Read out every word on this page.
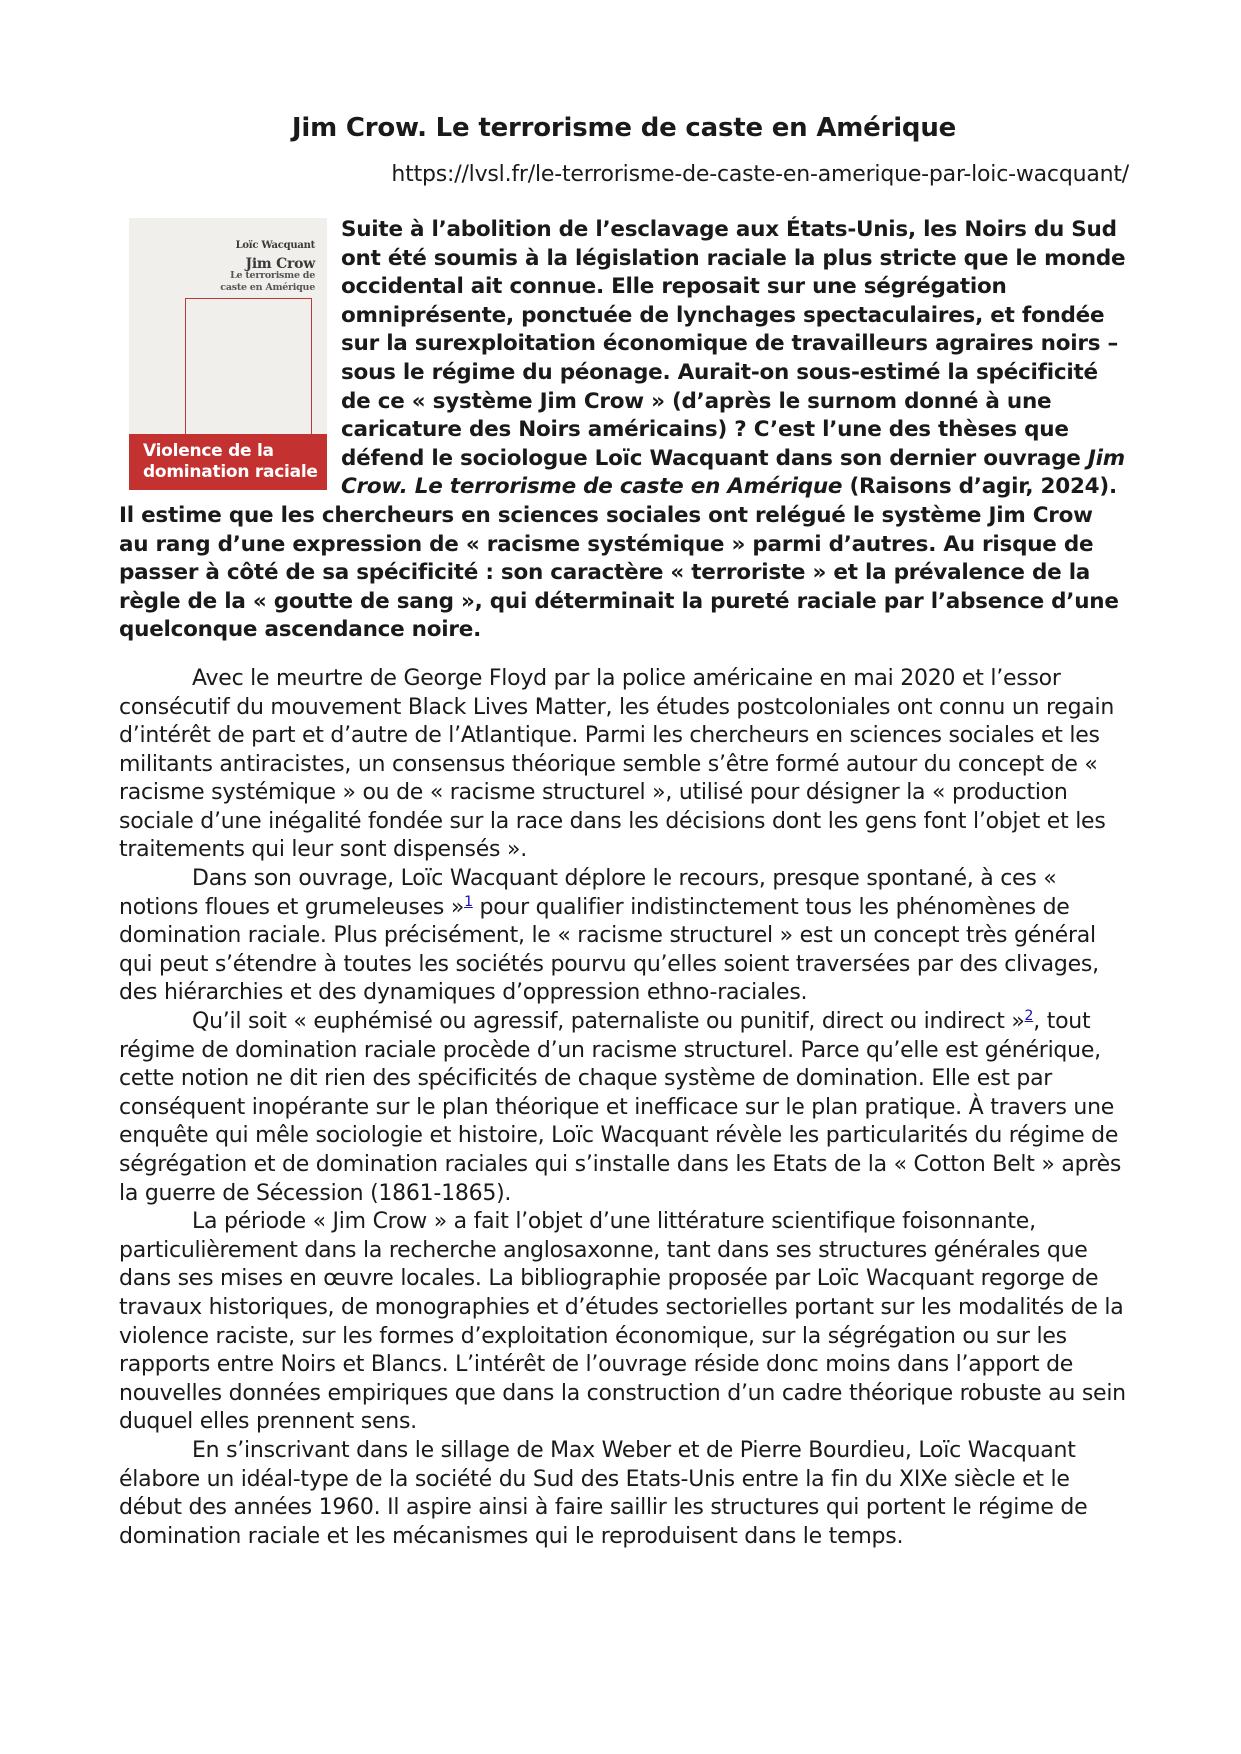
Jim Crow. Le terrorisme de caste en Amérique
https://lvsl.fr/le-terrorisme-de-caste-en-amerique-par-loic-wacquant/
Loïc Wacquant
Jim Crow
Le terrorisme de caste en Amérique
Violence de la domination raciale
Suite à l’abolition de l’esclavage aux États-Unis, les Noirs du Sud ont été soumis à la législation raciale la plus stricte que le monde occidental ait connue. Elle reposait sur une ségrégation omniprésente, ponctuée de lynchages spectaculaires, et fondée sur la surexploitation économique de travailleurs agraires noirs – sous le régime du péonage. Aurait-on sous-estimé la spécificité de ce « système Jim Crow » (d’après le surnom donné à une caricature des Noirs américains) ? C’est l’une des thèses que défend le sociologue Loïc Wacquant dans son dernier ouvrage Jim Crow. Le terrorisme de caste en Amérique (Raisons d’agir, 2024). Il estime que les chercheurs en sciences sociales ont relégué le système Jim Crow au rang d’une expression de « racisme systémique » parmi d’autres. Au risque de passer à côté de sa spécificité : son caractère « terroriste » et la prévalence de la règle de la « goutte de sang », qui déterminait la pureté raciale par l’absence d’une quelconque ascendance noire.

Avec le meurtre de George Floyd par la police américaine en mai 2020 et l’essor consécutif du mouvement Black Lives Matter, les études postcoloniales ont connu un regain d’intérêt de part et d’autre de l’Atlantique. Parmi les chercheurs en sciences sociales et les militants antiracistes, un consensus théorique semble s’être formé autour du concept de « racisme systémique » ou de « racisme structurel », utilisé pour désigner la « production sociale d’une inégalité fondée sur la race dans les décisions dont les gens font l’objet et les traitements qui leur sont dispensés ».

Dans son ouvrage, Loïc Wacquant déplore le recours, presque spontané, à ces « notions floues et grumeleuses »$^1$ pour qualifier indistinctement tous les phénomènes de domination raciale. Plus précisément, le « racisme structurel » est un concept très général qui peut s’étendre à toutes les sociétés pourvu qu’elles soient traversées par des clivages, des hiérarchies et des dynamiques d’oppression ethno-raciales.

Qu’il soit « euphémisé ou agressif, paternaliste ou punitif, direct ou indirect »$^2$, tout régime de domination raciale procède d’un racisme structurel. Parce qu’elle est générique, cette notion ne dit rien des spécificités de chaque système de domination. Elle est par conséquent inopérante sur le plan théorique et inefficace sur le plan pratique. À travers une enquête qui mêle sociologie et histoire, Loïc Wacquant révèle les particularités du régime de ségrégation et de domination raciales qui s’installe dans les Etats de la « Cotton Belt » après la guerre de Sécession (1861-1865).

La période « Jim Crow » a fait l’objet d’une littérature scientifique foisonnante, particulièrement dans la recherche anglosaxonne, tant dans ses structures générales que dans ses mises en œuvre locales. La bibliographie proposée par Loïc Wacquant regorge de travaux historiques, de monographies et d’études sectorielles portant sur les modalités de la violence raciste, sur les formes d’exploitation économique, sur la ségrégation ou sur les rapports entre Noirs et Blancs. L’intérêt de l’ouvrage réside donc moins dans l’apport de nouvelles données empiriques que dans la construction d’un cadre théorique robuste au sein duquel elles prennent sens.

En s’inscrivant dans le sillage de Max Weber et de Pierre Bourdieu, Loïc Wacquant élabore un idéal-type de la société du Sud des Etats-Unis entre la fin du XIXe siècle et le début des années 1960. Il aspire ainsi à faire saillir les structures qui portent le régime de domination raciale et les mécanismes qui le reproduisent dans le temps.
